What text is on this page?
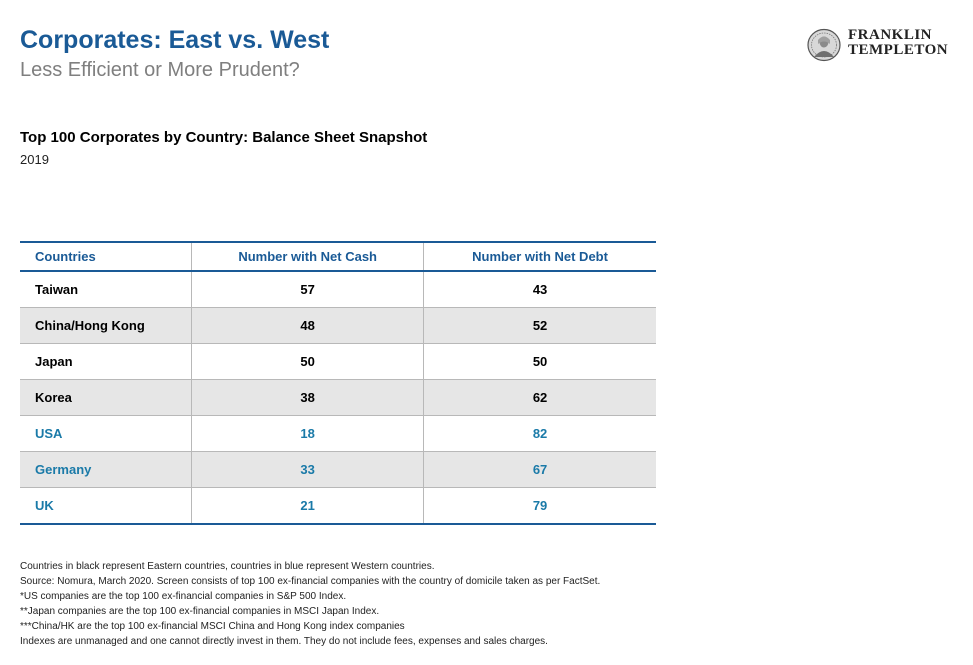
Corporates: East vs. West
Less Efficient or More Prudent?
FRANKLIN
TEMPLETON
Top 100 Corporates by Country: Balance Sheet Snapshot
2019
Countries	Number with Net Cash	Number with Net Debt
Taiwan	57	43
China/Hong Kong	48	52
Japan	50	50
Korea	38	62
USA	18	82
Germany	33	67
UK	21	79
Countries in black represent Eastern countries, countries in blue represent Western countries.
Source: Nomura, March 2020. Screen consists of top 100 ex-financial companies with the country of domicile taken as per FactSet.
*US companies are the top 100 ex-financial companies in S&P 500 Index.
**Japan companies are the top 100 ex-financial companies in MSCI Japan Index.
***China/HK are the top 100 ex-financial MSCI China and Hong Kong index companies
Indexes are unmanaged and one cannot directly invest in them. They do not include fees, expenses and sales charges.
